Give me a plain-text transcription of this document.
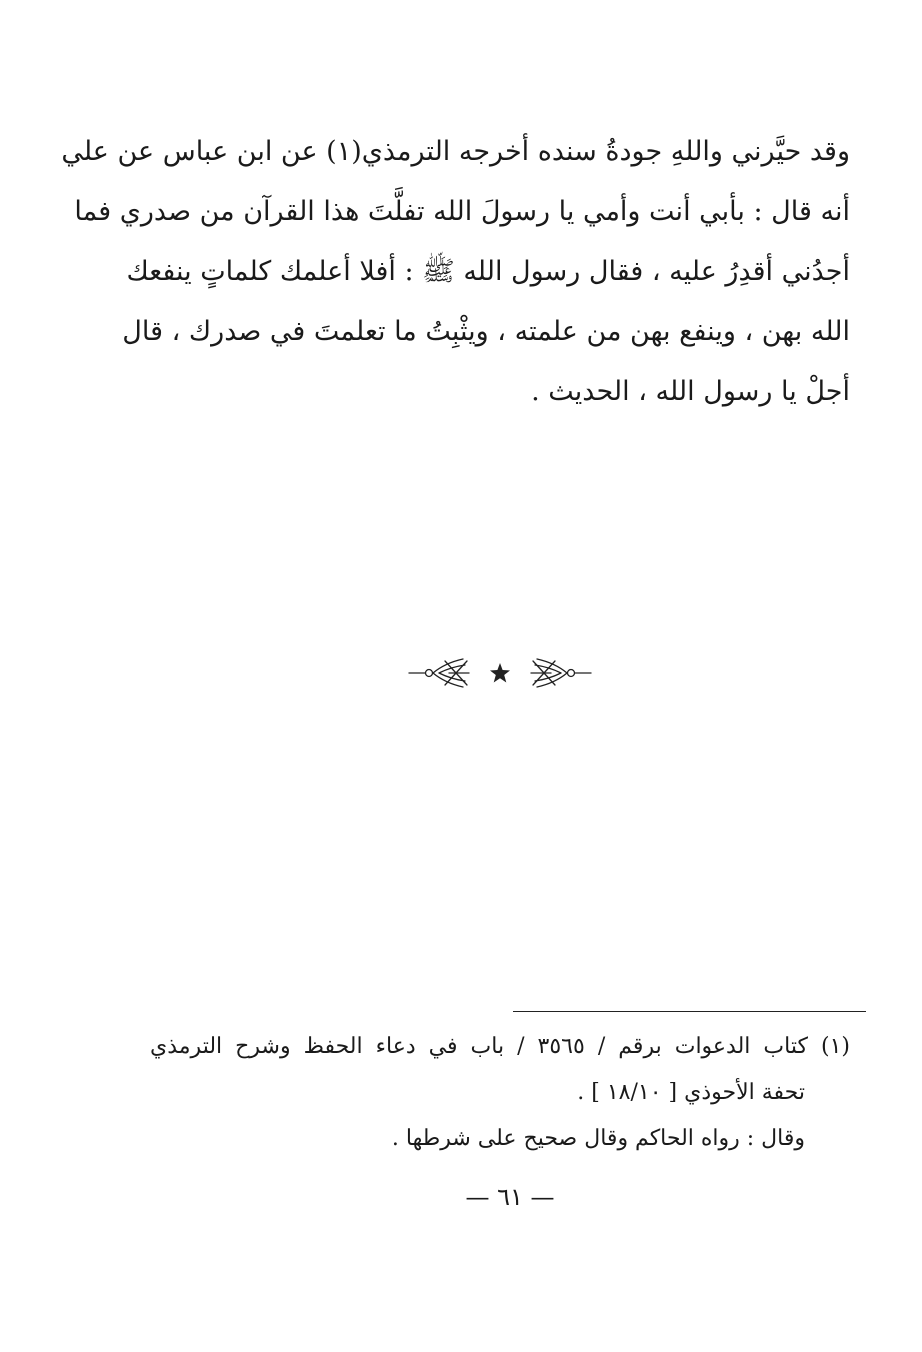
وقد حيَّرني واللهِ جودةُ سنده أخرجه الترمذي(١) عن ابن عباس عن علي
أنه قال : بأبي أنت وأمي يا رسولَ الله تفلَّتَ هذا القرآن من صدري فما
أجدُني أقدِرُ عليه ، فقال رسول الله ﷺ : أفلا أعلمك كلماتٍ ينفعك
الله بهن ، وينفع بهن من علمته ، ويثْبِتُ ما تعلمتَ في صدرك ، قال
أجلْ يا رسول الله ، الحديث .
(١) كتاب الدعوات برقم / ٣٥٦٥ / باب في دعاء الحفظ وشرح الترمذي
تحفة الأحوذي [ ١٨/١٠ ] .
وقال : رواه الحاكم وقال صحيح على شرطها .
— ٦١ —
